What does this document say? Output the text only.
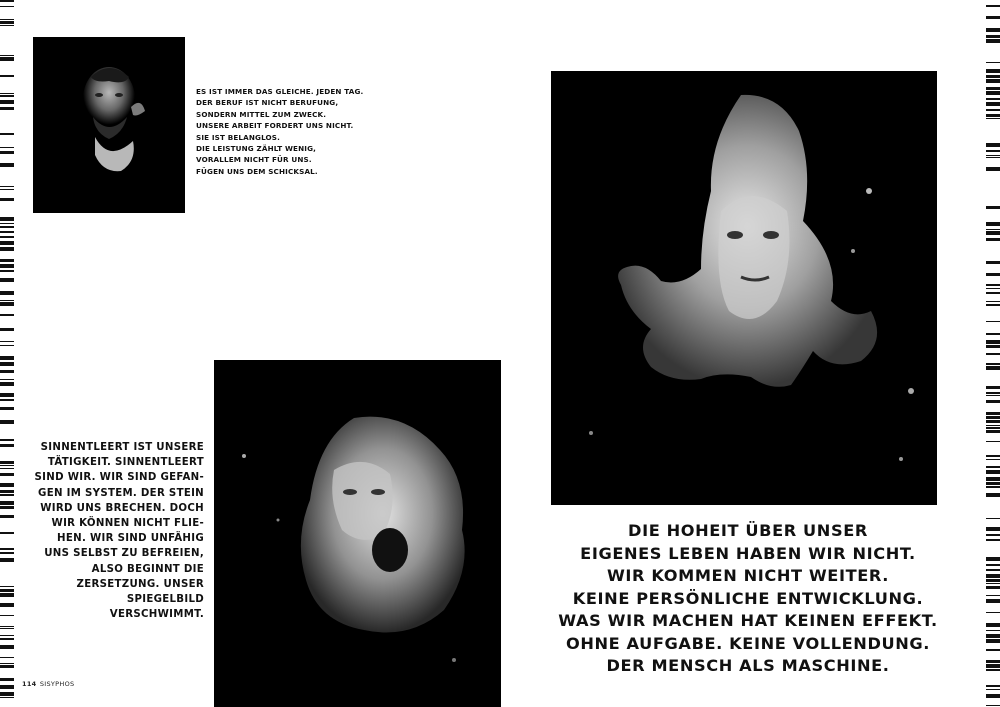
ES IST IMMER DAS GLEICHE. JEDEN TAG.
DER BERUF IST NICHT BERUFUNG,
SONDERN MITTEL ZUM ZWECK.
UNSERE ARBEIT FORDERT UNS NICHT.
SIE IST BELANGLOS.
DIE LEISTUNG ZÄHLT WENIG,
VORALLEM NICHT FÜR UNS.
FÜGEN UNS DEM SCHICKSAL.
SINNENTLEERT IST UNSERE
TÄTIGKEIT. SINNENTLEERT
SIND WIR. WIR SIND GEFAN-
GEN IM SYSTEM. DER STEIN
WIRD UNS BRECHEN. DOCH
WIR KÖNNEN NICHT FLIE-
HEN. WIR SIND UNFÄHIG
UNS SELBST ZU BEFREIEN,
ALSO BEGINNT DIE
ZERSETZUNG. UNSER
SPIEGELBILD
VERSCHWIMMT.
DIE HOHEIT ÜBER UNSER
EIGENES LEBEN HABEN WIR NICHT.
WIR KOMMEN NICHT WEITER.
KEINE PERSÖNLICHE ENTWICKLUNG.
WAS WIR MACHEN HAT KEINEN EFFEKT.
OHNE AUFGABE. KEINE VOLLENDUNG.
DER MENSCH ALS MASCHINE.
114 SISYPHOS
